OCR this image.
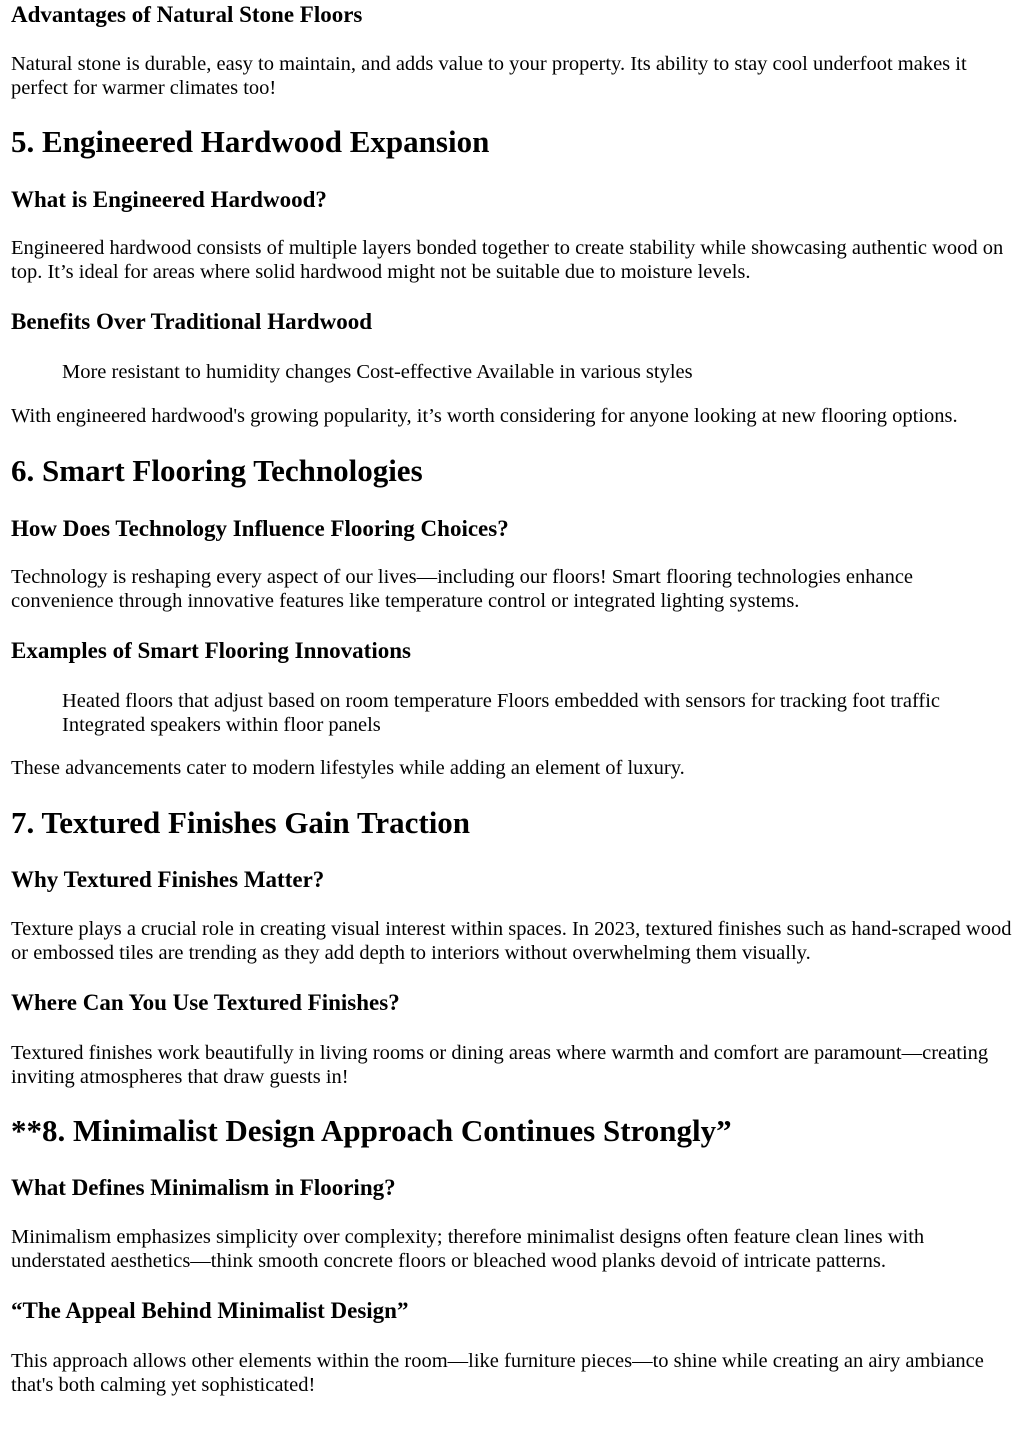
Advantages of Natural Stone Floors

Natural stone is durable, easy to maintain, and adds value to your property. Its ability to stay cool underfoot makes it perfect for warmer climates too!

5. Engineered Hardwood Expansion
What is Engineered Hardwood?

Engineered hardwood consists of multiple layers bonded together to create stability while showcasing authentic wood on top. It’s ideal for areas where solid hardwood might not be suitable due to moisture levels.

Benefits Over Traditional Hardwood

More resistant to humidity changes Cost-effective Available in various styles

With engineered hardwood's growing popularity, it’s worth considering for anyone looking at new flooring options.

6. Smart Flooring Technologies
How Does Technology Influence Flooring Choices?

Technology is reshaping every aspect of our lives—including our floors! Smart flooring technologies enhance convenience through innovative features like temperature control or integrated lighting systems.

Examples of Smart Flooring Innovations

Heated floors that adjust based on room temperature Floors embedded with sensors for tracking foot traffic Integrated speakers within floor panels

These advancements cater to modern lifestyles while adding an element of luxury.

7. Textured Finishes Gain Traction
Why Textured Finishes Matter?

Texture plays a crucial role in creating visual interest within spaces. In 2023, textured finishes such as hand-scraped wood or embossed tiles are trending as they add depth to interiors without overwhelming them visually.

Where Can You Use Textured Finishes?

Textured finishes work beautifully in living rooms or dining areas where warmth and comfort are paramount—creating inviting atmospheres that draw guests in!

**8. Minimalist Design Approach Continues Strongly”
What Defines Minimalism in Flooring?

Minimalism emphasizes simplicity over complexity; therefore minimalist designs often feature clean lines with understated aesthetics—think smooth concrete floors or bleached wood planks devoid of intricate patterns.

“The Appeal Behind Minimalist Design”

This approach allows other elements within the room—like furniture pieces—to shine while creating an airy ambiance that's both calming yet sophisticated!
